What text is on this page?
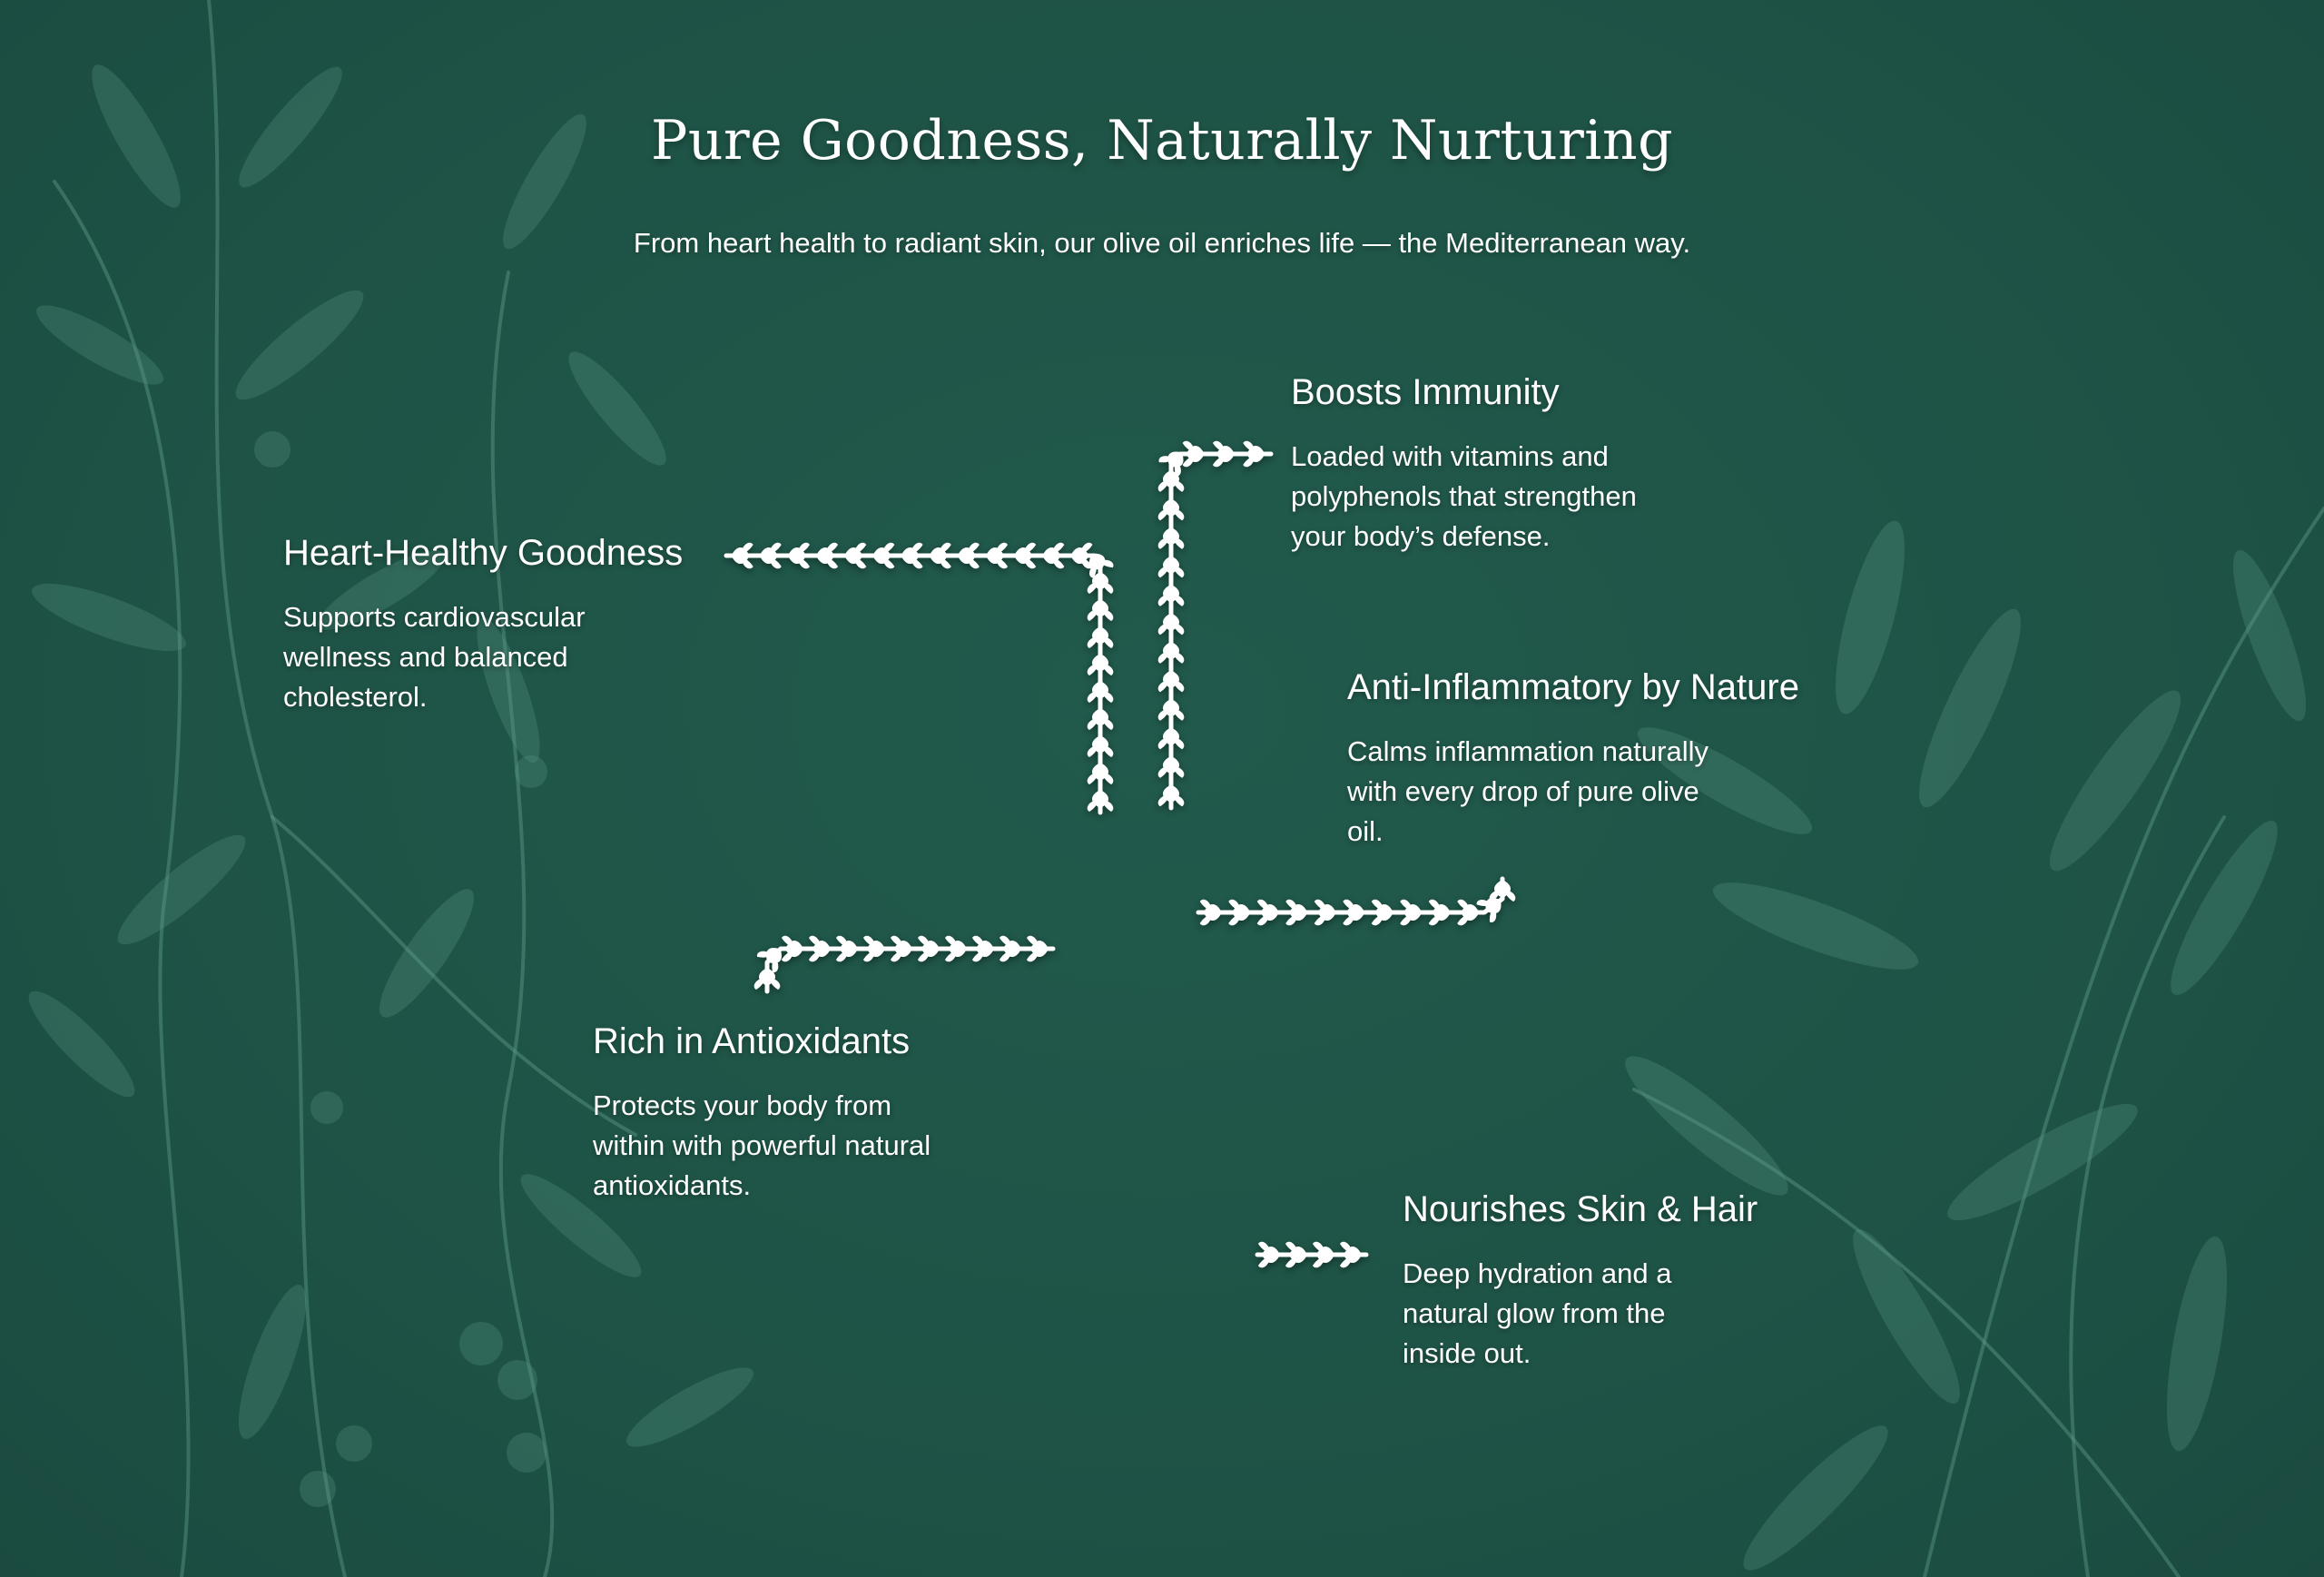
Pure Goodness, Naturally Nurturing

From heart health to radiant skin, our olive oil enriches life — the Mediterranean way.

Heart-Healthy Goodness

Supports cardiovascular wellness and balanced cholesterol.

Boosts Immunity

Loaded with vitamins and polyphenols that strengthen your body’s defense.

Anti-Inflammatory by Nature

Calms inflammation naturally with every drop of pure olive oil.

Rich in Antioxidants

Protects your body from within with powerful natural antioxidants.

Nourishes Skin & Hair

Deep hydration and a natural glow from the inside out.
